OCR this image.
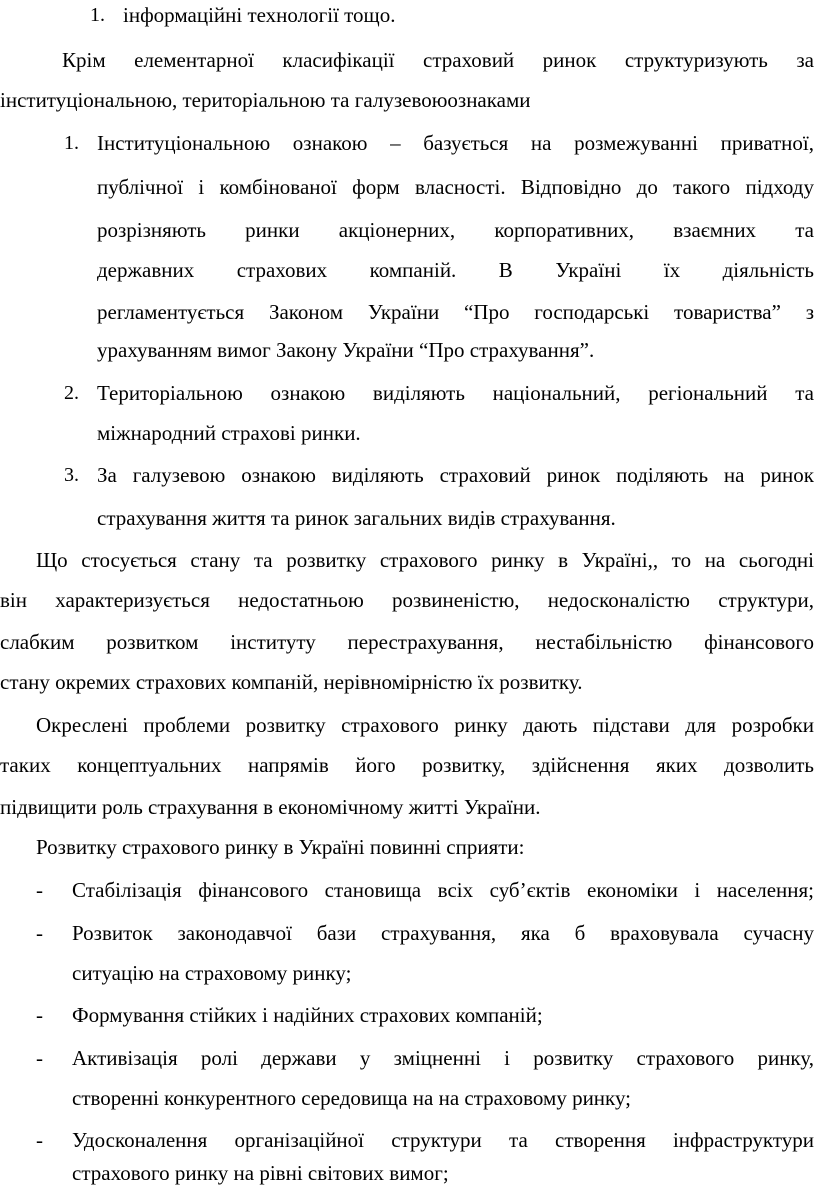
1. інформаційні технології тощо.
Крім елементарної класифікації страховий ринок структуризують за
інституціональною, територіальною та галузевоюознаками
1. Інституціональною ознакою – базується на розмежуванні приватної,
публічної і комбінованої форм власності. Відповідно до такого підходу
розрізняють ринки акціонерних, корпоративних, взаємних та
державних страхових компаній. В Україні їх діяльність
регламентується Законом України “Про господарські товариства” з
урахуванням вимог Закону України “Про страхування”.
2. Територіальною ознакою виділяють національний, регіональний та
міжнародний страхові ринки.
3. За галузевою ознакою виділяють страховий ринок поділяють на ринок
страхування життя та ринок загальних видів страхування.
Що стосується стану та розвитку страхового ринку в Україні,, то на сьогодні
він характеризується недостатньою розвиненістю, недосконалістю структури,
слабким розвитком інституту перестрахування, нестабільністю фінансового
стану окремих страхових компаній, нерівномірністю їх розвитку.
Окреслені проблеми розвитку страхового ринку дають підстави для розробки
таких концептуальних напрямів його розвитку, здійснення яких дозволить
підвищити роль страхування в економічному житті України.
Розвитку страхового ринку в Україні повинні сприяти:
- Стабілізація фінансового становища всіх суб’єктів економіки і населення;
- Розвиток законодавчої бази страхування, яка б враховувала сучасну
ситуацію на страховому ринку;
- Формування стійких і надійних страхових компаній;
- Активізація ролі держави у зміцненні і розвитку страхового ринку,
створенні конкурентного середовища на на страховому ринку;
- Удосконалення організаційної структури та створення інфраструктури
страхового ринку на рівні світових вимог;
